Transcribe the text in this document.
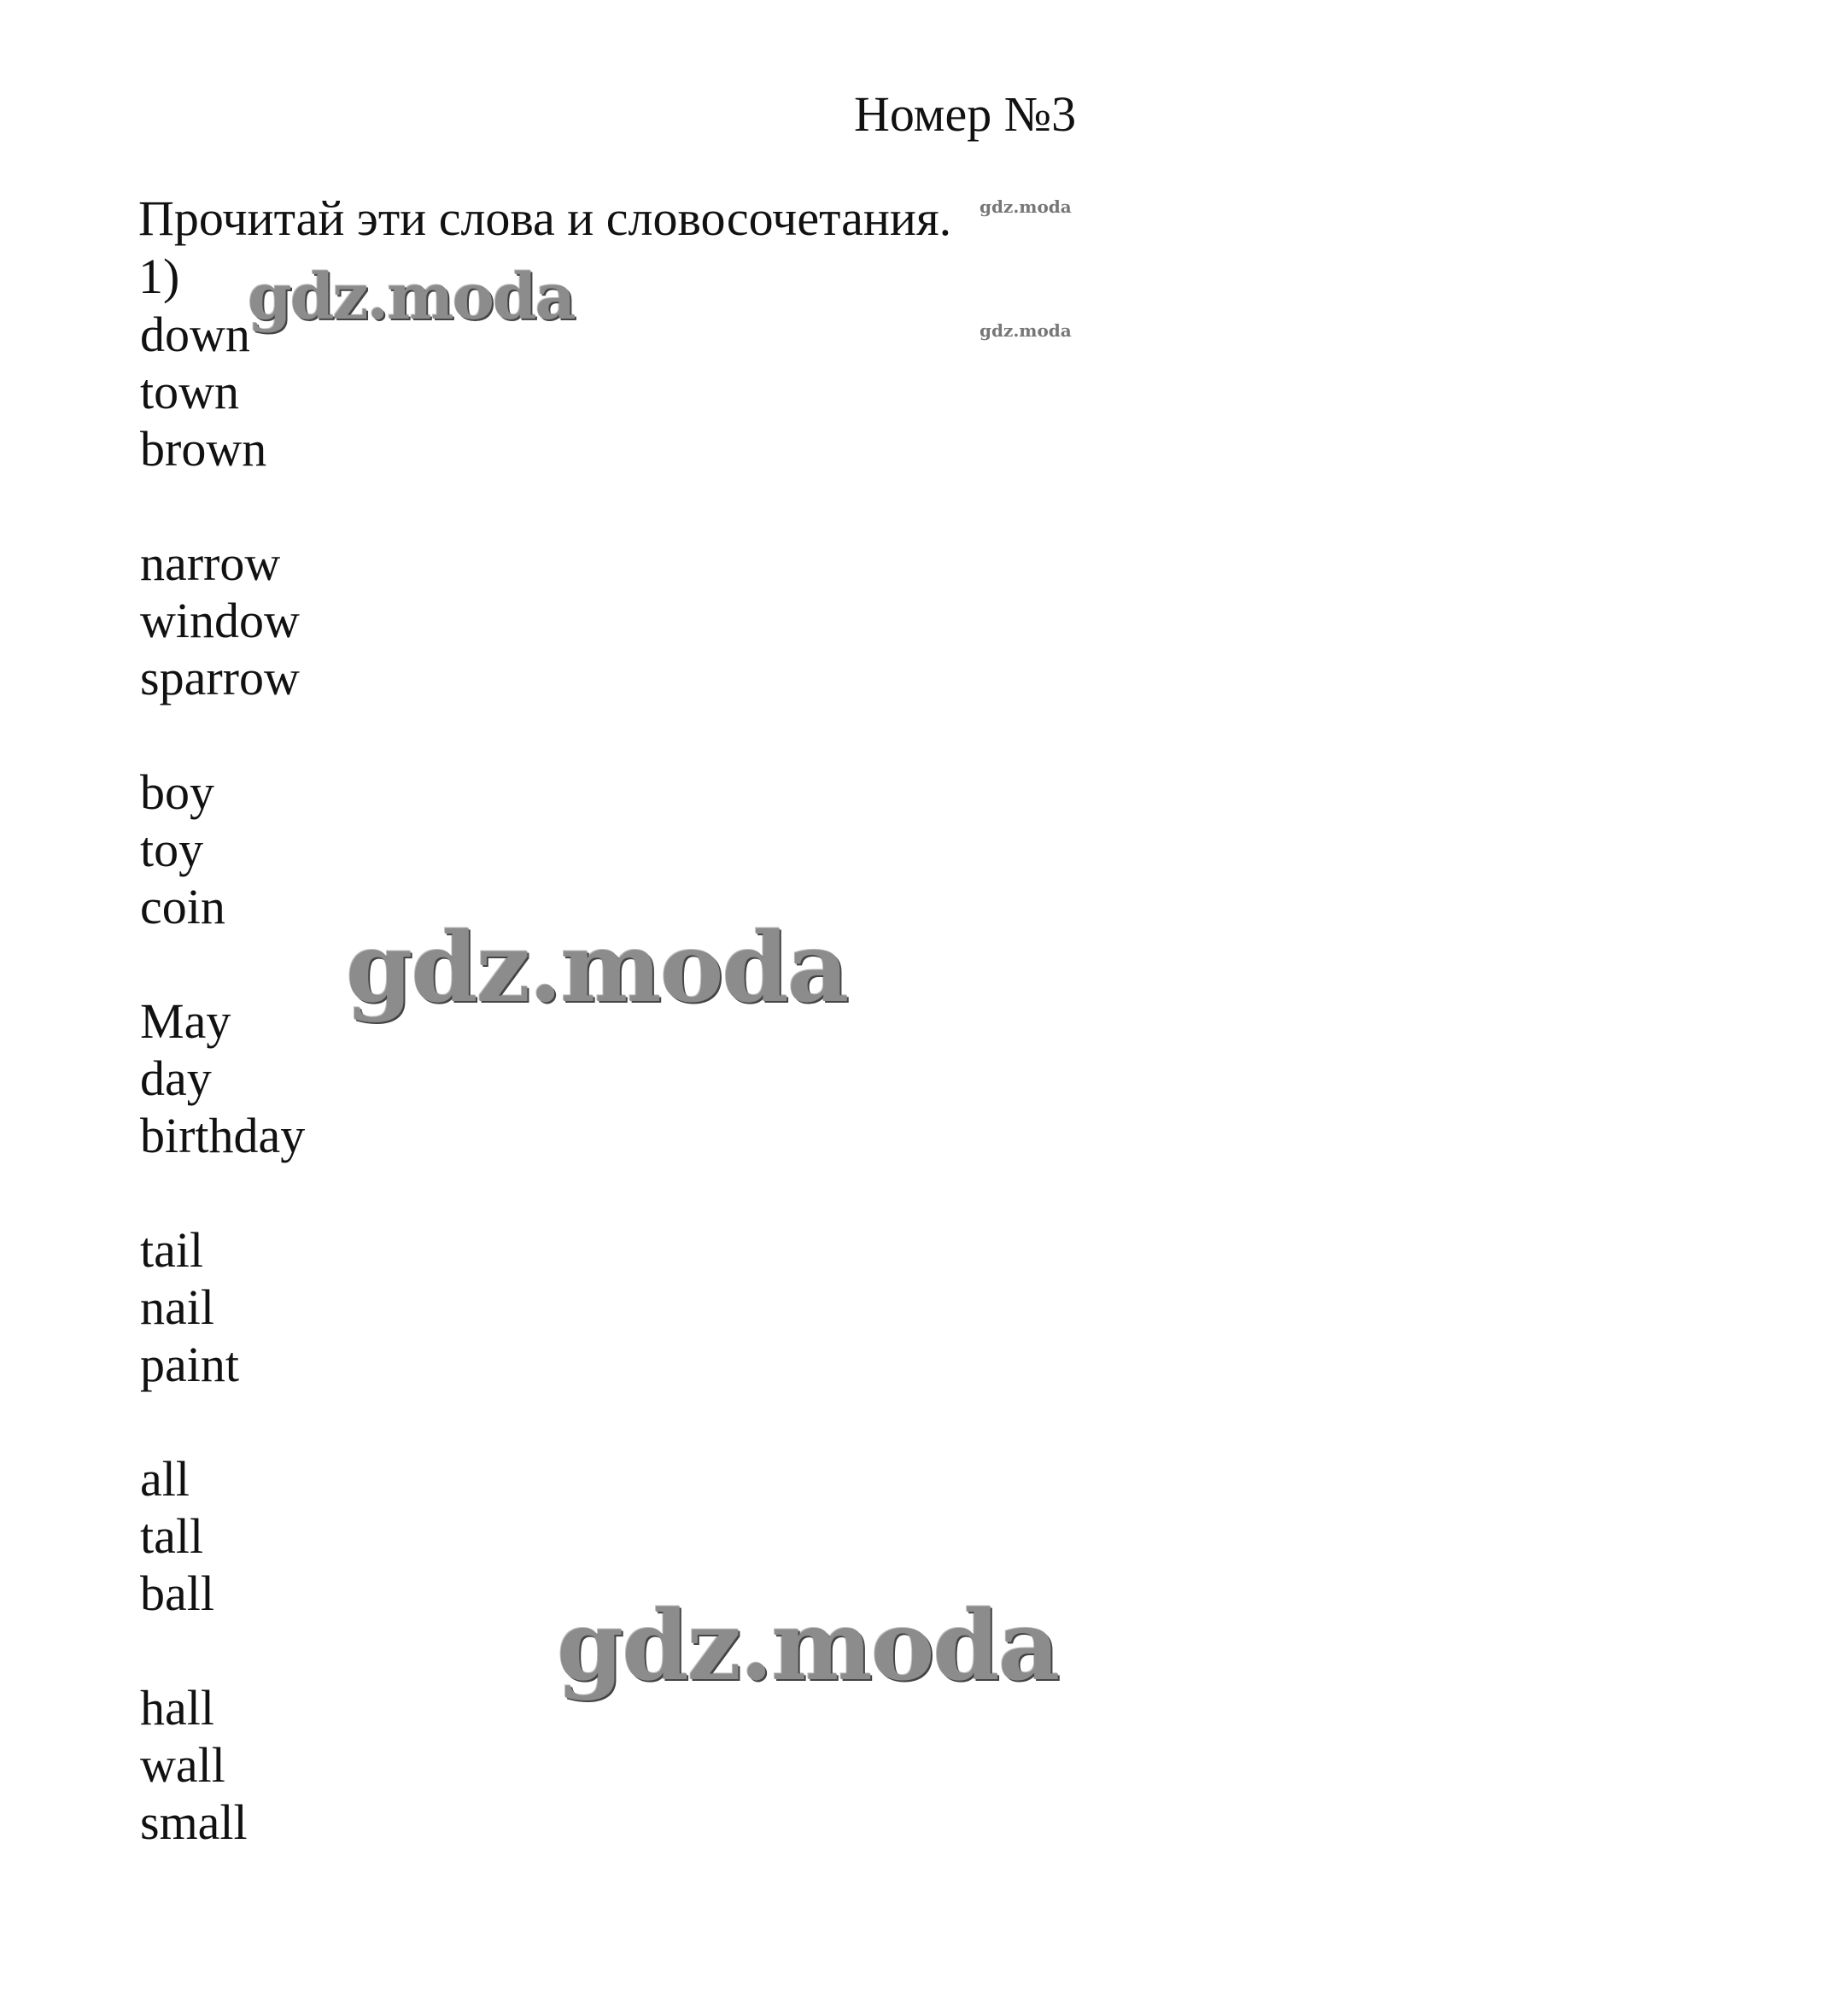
Номер №3
Прочитай эти слова и словосочетания.
1)
down
town
brown
narrow
window
sparrow
boy
toy
coin
May
day
birthday
tail
nail
paint
all
tall
ball
hall
wall
small
gdz.moda
gdz.moda
gdz.moda
gdz.moda
gdz.moda
